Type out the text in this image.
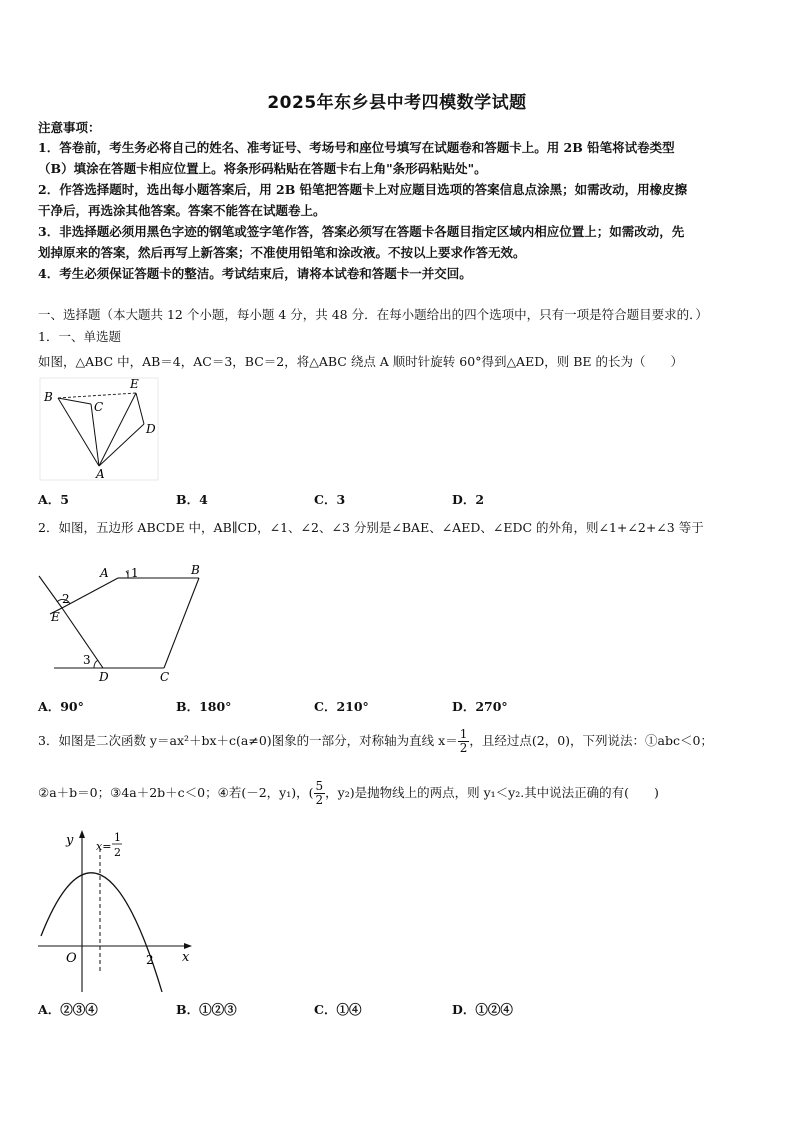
2025年东乡县中考四模数学试题
注意事项：
1．答卷前，考生务必将自己的姓名、准考证号、考场号和座位号填写在试题卷和答题卡上。用 2B 铅笔将试卷类型
（B）填涂在答题卡相应位置上。将条形码粘贴在答题卡右上角"条形码粘贴处"。
2．作答选择题时，选出每小题答案后，用 2B 铅笔把答题卡上对应题目选项的答案信息点涂黑；如需改动，用橡皮擦
干净后，再选涂其他答案。答案不能答在试题卷上。
3．非选择题必须用黑色字迹的钢笔或签字笔作答，答案必须写在答题卡各题目指定区域内相应位置上；如需改动，先
划掉原来的答案，然后再写上新答案；不准使用铅笔和涂改液。不按以上要求作答无效。
4．考生必须保证答题卡的整洁。考试结束后，请将本试卷和答题卡一并交回。
一、选择题（本大题共 12 个小题，每小题 4 分，共 48 分．在每小题给出的四个选项中，只有一项是符合题目要求的．）
1．一、单选题
如图，△ABC 中，AB＝4，AC＝3，BC＝2，将△ABC 绕点 A 顺时针旋转 60°得到△AED，则 BE 的长为（　　）
B
C
E
D
A
A．5	B．4	C．3	D．2
2．如图，五边形 ABCDE 中，AB∥CD，∠1、∠2、∠3 分别是∠BAE、∠AED、∠EDC 的外角，则∠1+∠2+∠3 等于
A 1	B
2
E
3
D	C
A．90°	B．180°	C．210°	D．270°
3．如图是二次函数 y＝ax²＋bx＋c(a≠0)图象的一部分，对称轴为直线 $x= \frac{1}{2}$ ，且经过点(2，0)，下列说法：①abc＜0；
②a＋b＝0；③4a＋2b＋c＜0；④若(－2，y₁)，( $\frac{5}{2}$ ，y₂)是抛物线上的两点，则 y₁＜y₂.其中说法正确的有(　　)
y
x
O	2
x=
1
2
A．②③④	B．①②③	C．①④	D．①②④
